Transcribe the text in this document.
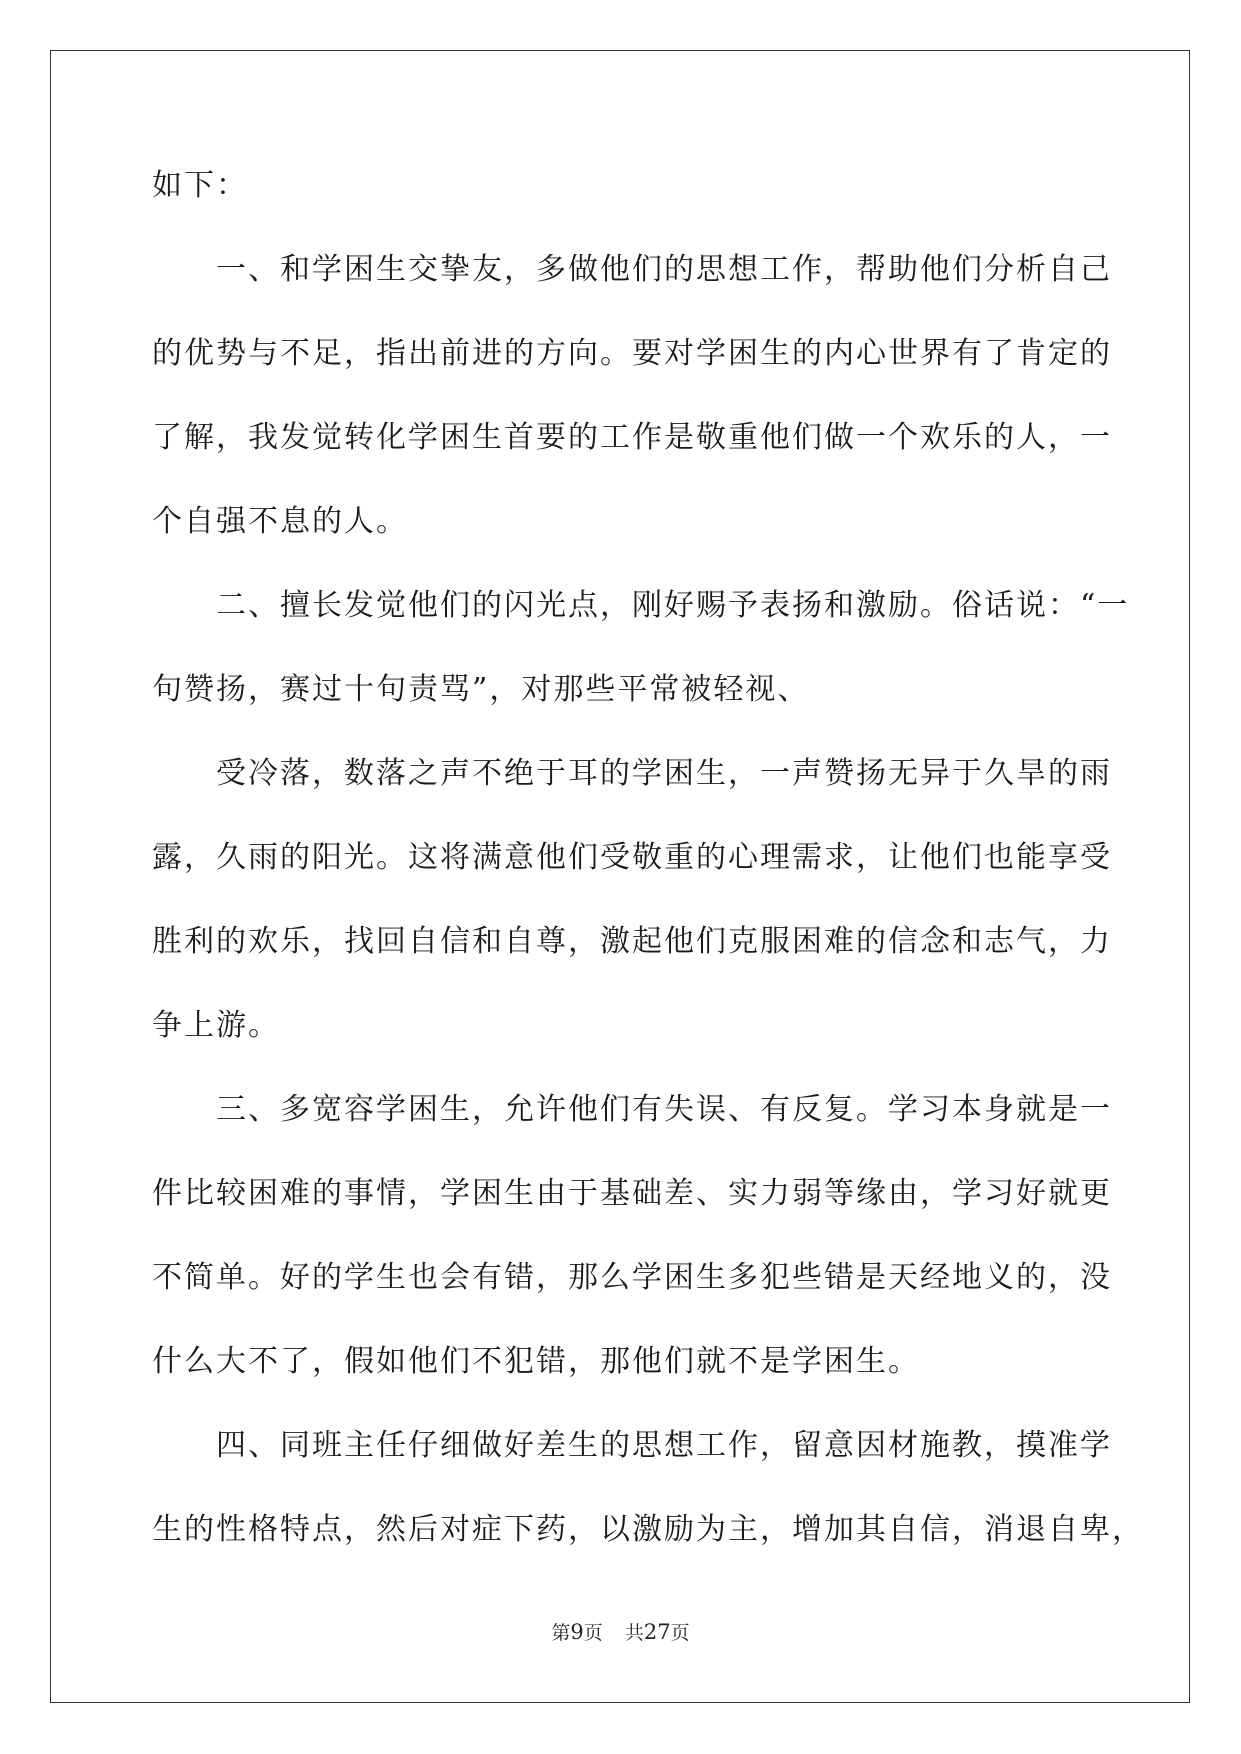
如下：
一、和学困生交挚友，多做他们的思想工作，帮助他们分析自己
的优势与不足，指出前进的方向。要对学困生的内心世界有了肯定的
了解，我发觉转化学困生首要的工作是敬重他们做一个欢乐的人，一
个自强不息的人。
二、擅长发觉他们的闪光点，刚好赐予表扬和激励。俗话说：“一
句赞扬，赛过十句责骂”，对那些平常被轻视、
受冷落，数落之声不绝于耳的学困生，一声赞扬无异于久旱的雨
露，久雨的阳光。这将满意他们受敬重的心理需求，让他们也能享受
胜利的欢乐，找回自信和自尊，激起他们克服困难的信念和志气，力
争上游。
三、多宽容学困生，允许他们有失误、有反复。学习本身就是一
件比较困难的事情，学困生由于基础差、实力弱等缘由，学习好就更
不简单。好的学生也会有错，那么学困生多犯些错是天经地义的，没
什么大不了，假如他们不犯错，那他们就不是学困生。
四、同班主任仔细做好差生的思想工作，留意因材施教，摸准学
生的性格特点，然后对症下药，以激励为主，增加其自信，消退自卑，
第9页 共27页
